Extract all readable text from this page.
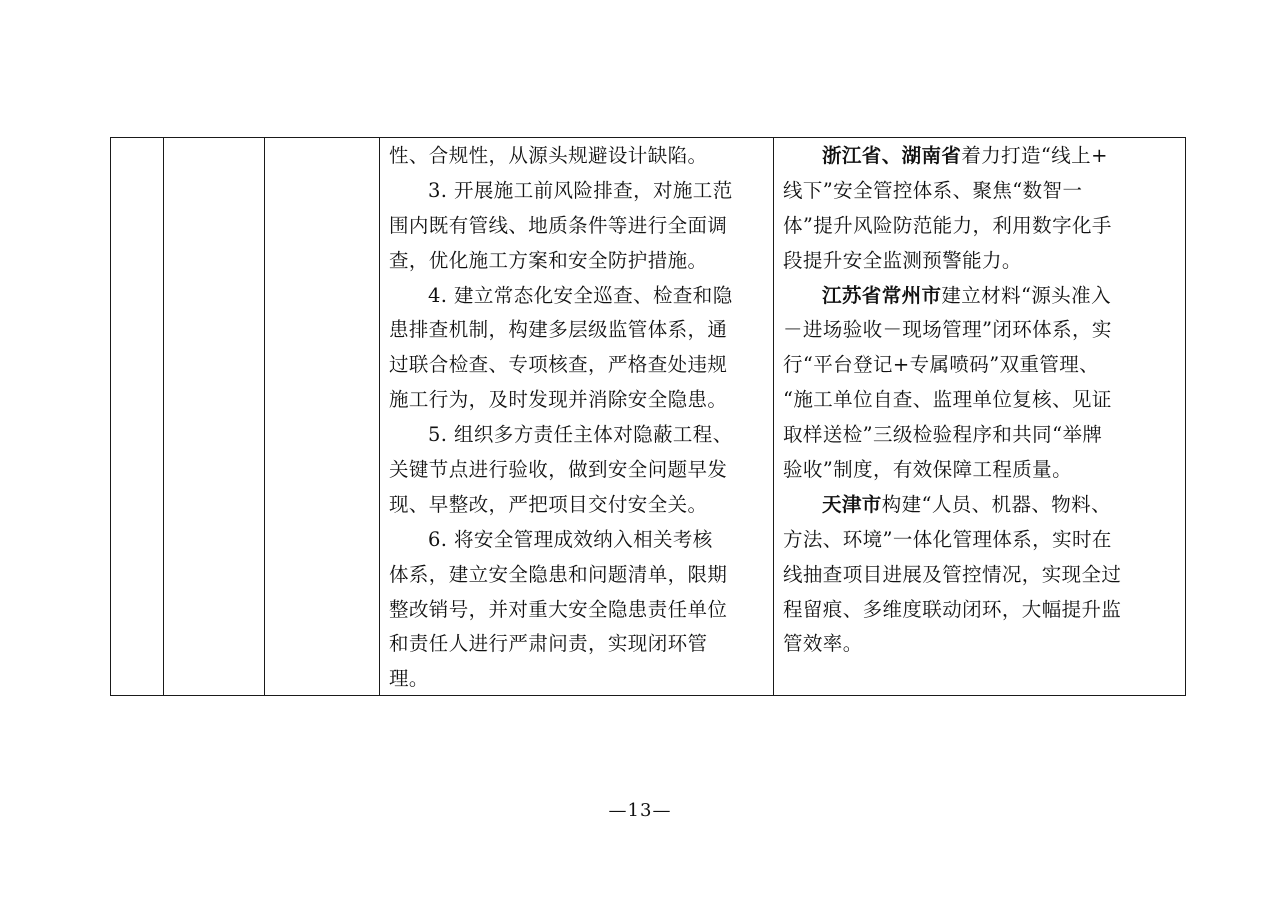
性、合规性，从源头规避设计缺陷。
3. 开展施工前风险排查，对施工范
围内既有管线、地质条件等进行全面调
查，优化施工方案和安全防护措施。
4. 建立常态化安全巡查、检查和隐
患排查机制，构建多层级监管体系，通
过联合检查、专项核查，严格查处违规
施工行为，及时发现并消除安全隐患。
5. 组织多方责任主体对隐蔽工程、
关键节点进行验收，做到安全问题早发
现、早整改，严把项目交付安全关。
6. 将安全管理成效纳入相关考核
体系，建立安全隐患和问题清单，限期
整改销号，并对重大安全隐患责任单位
和责任人进行严肃问责，实现闭环管
理。
浙江省、湖南省着力打造“线上+
线下”安全管控体系、聚焦“数智一
体”提升风险防范能力，利用数字化手
段提升安全监测预警能力。
江苏省常州市建立材料“源头准入
－进场验收－现场管理”闭环体系，实
行“平台登记+专属喷码”双重管理、
“施工单位自查、监理单位复核、见证
取样送检”三级检验程序和共同“举牌
验收”制度，有效保障工程质量。
天津市构建“人员、机器、物料、
方法、环境”一体化管理体系，实时在
线抽查项目进展及管控情况，实现全过
程留痕、多维度联动闭环，大幅提升监
管效率。
—13—
